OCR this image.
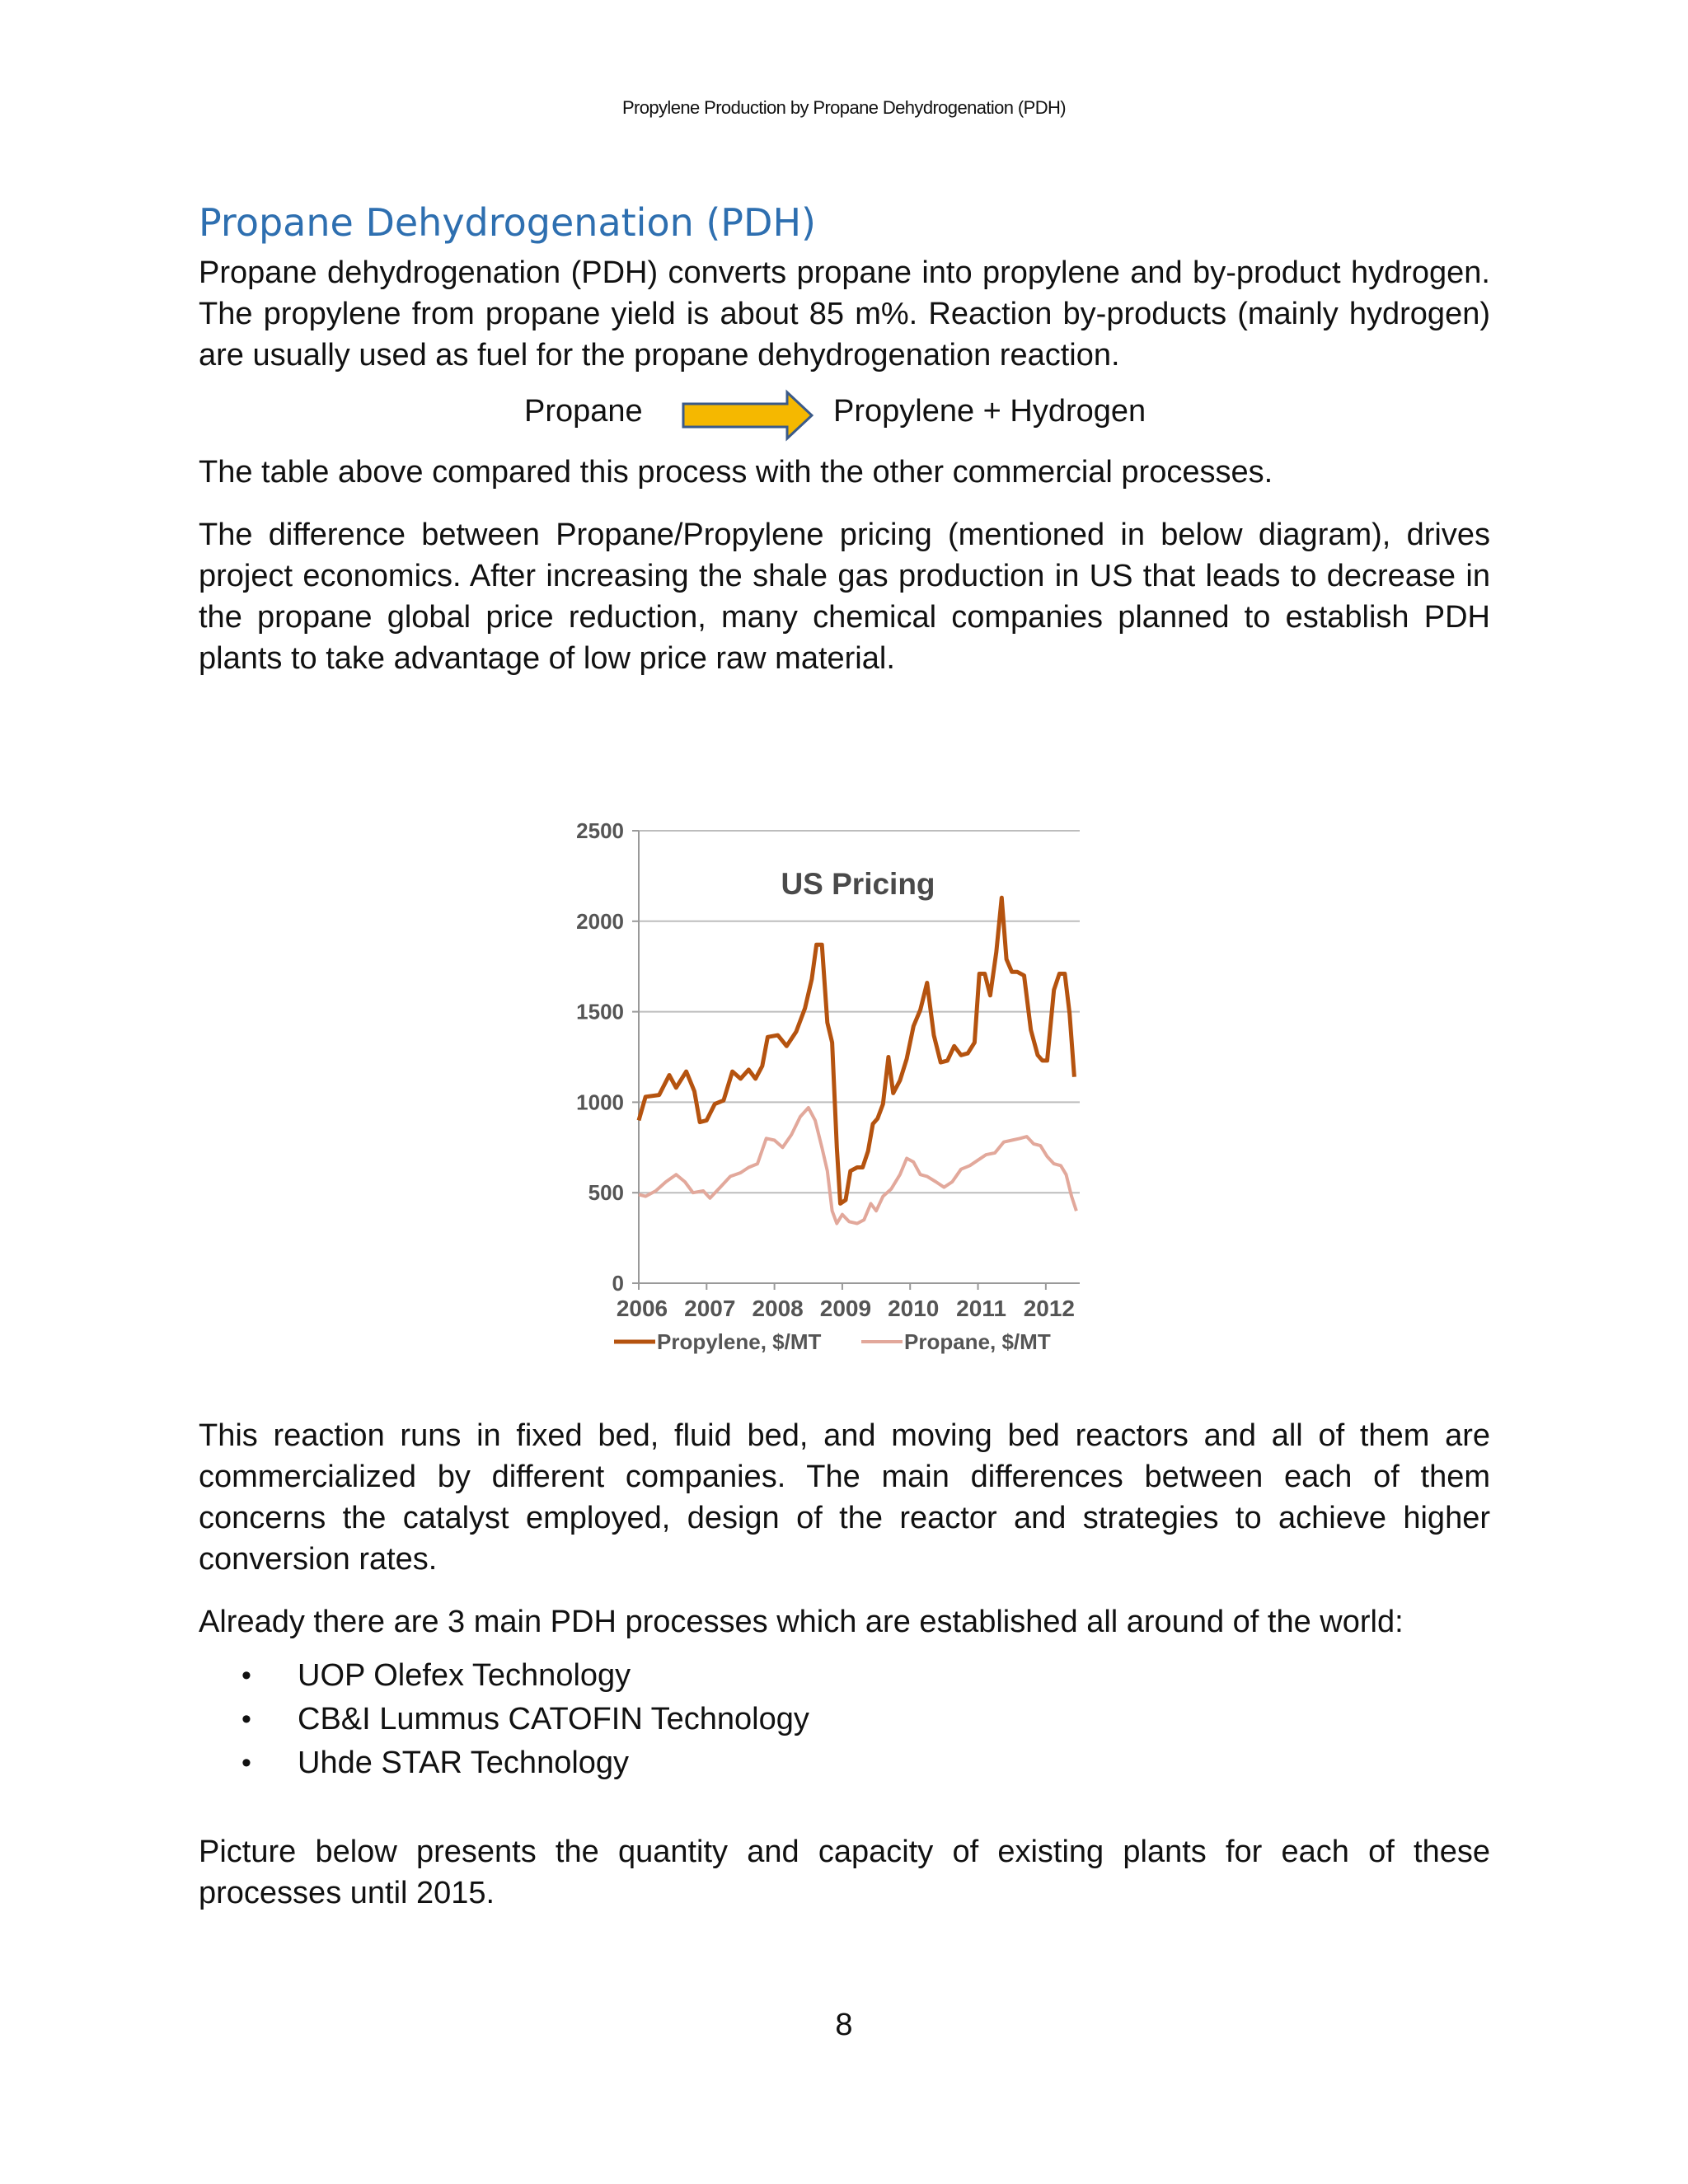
Propylene Production by Propane Dehydrogenation (PDH)
Propane Dehydrogenation (PDH)

Propane dehydrogenation (PDH) converts propane into propylene and by-product hydrogen. The propylene from propane yield is about 85 m%. Reaction by-products (mainly hydrogen) are usually used as fuel for the propane dehydrogenation reaction.

Propane	Propylene + Hydrogen

The table above compared this process with the other commercial processes.

The difference between Propane/Propylene pricing (mentioned in below diagram), drives project economics. After increasing the shale gas production in US that leads to decrease in the propane global price reduction, many chemical companies planned to establish PDH plants to take advantage of low price raw material.

0
500
1000
1500
2000
2500
2006 2007 2008 2009 2010 2011 2012
US Pricing
Propylene, $/MT	Propane, $/MT

This reaction runs in fixed bed, fluid bed, and moving bed reactors and all of them are commercialized by different companies. The main differences between each of them concerns the catalyst employed, design of the reactor and strategies to achieve higher conversion rates.

Already there are 3 main PDH processes which are established all around of the world:

• UOP Olefex Technology
• CB&I Lummus CATOFIN Technology
• Uhde STAR Technology

Picture below presents the quantity and capacity of existing plants for each of these processes until 2015.

8
